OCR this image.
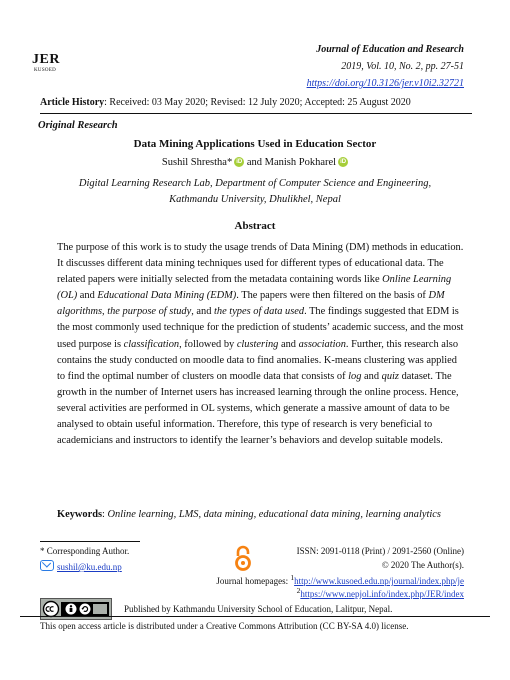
JER
KUSOED
Journal of Education and Research
2019, Vol. 10, No. 2, pp. 27-51
https://doi.org/10.3126/jer.v10i2.32721
Article History: Received: 03 May 2020; Revised: 12 July 2020; Accepted: 25 August 2020
Original Research
Data Mining Applications Used in Education Sector
Sushil Shrestha* iD and Manish Pokharel iD
Digital Learning Research Lab, Department of Computer Science and Engineering,
Kathmandu University, Dhulikhel, Nepal
Abstract
The purpose of this work is to study the usage trends of Data Mining (DM) methods in education. It discusses different data mining techniques used for different types of educational data. The related papers were initially selected from the metadata containing words like Online Learning (OL) and Educational Data Mining (EDM). The papers were then filtered on the basis of DM algorithms, the purpose of study, and the types of data used. The findings suggested that EDM is the most commonly used technique for the prediction of students’ academic success, and the most used purpose is classification, followed by clustering and association. Further, this research also contains the study conducted on moodle data to find anomalies. K-means clustering was applied to find the optimal number of clusters on moodle data that consists of log and quiz dataset. The growth in the number of Internet users has increased learning through the online process. Hence, several activities are performed in OL systems, which generate a massive amount of data to be analysed to obtain useful information. Therefore, this type of research is very beneficial to academicians and instructors to identify the learner’s behaviors and develop suitable models.
Keywords: Online learning, LMS, data mining, educational data mining, learning analytics
* Corresponding Author.
sushil@ku.edu.np
ISSN: 2091-0118 (Print) / 2091-2560 (Online)
© 2020 The Author(s).
Journal homepages: $^1$http://www.kusoed.edu.np/journal/index.php/je
$^2$https://www.nepjol.info/index.php/JER/index
Published by Kathmandu University School of Education, Lalitpur, Nepal.
This open access article is distributed under a Creative Commons Attribution (CC BY-SA 4.0) license.
